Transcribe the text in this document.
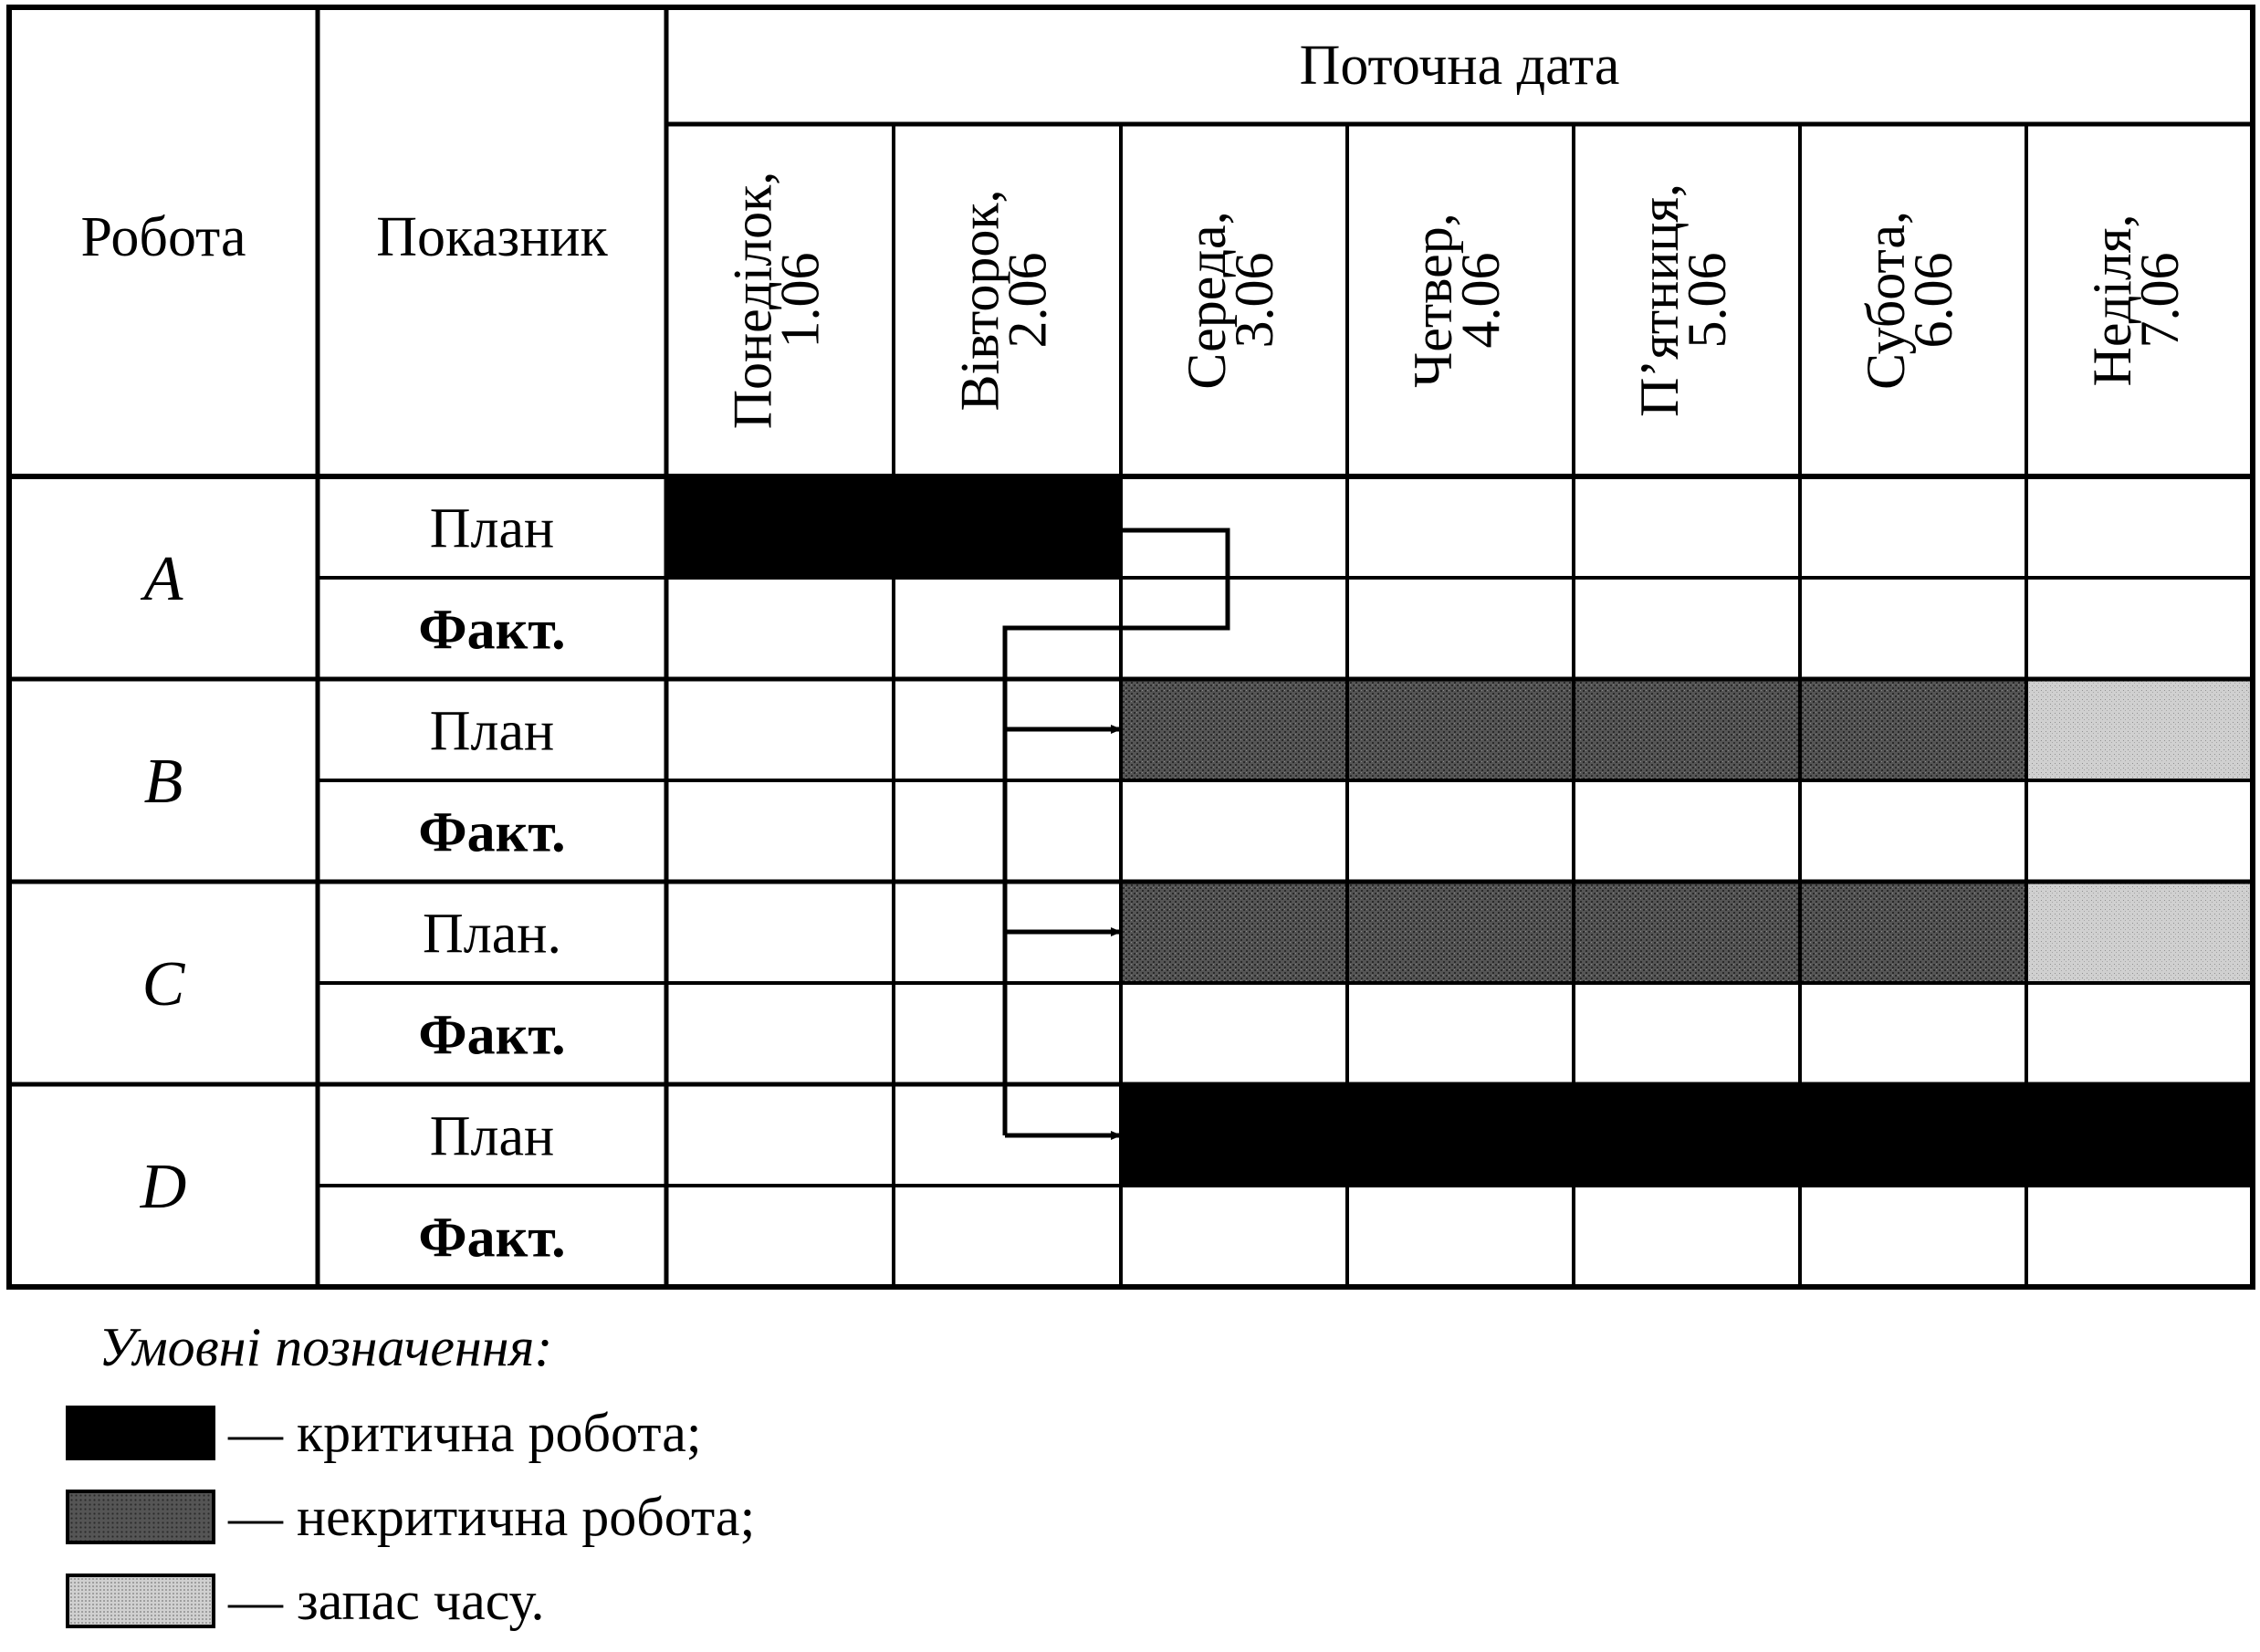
Робота Показник
Поточна дата
Понеділок,
1.06 Вівторок,
2.06 Середа,
3.06 Четвер,
4.06 П’ятниця,
5.06 Субота,
6.06 Неділя,
7.06
A
План
Факт.
B
План
Факт.
C
План.
Факт.
D
План
Факт.
Умовні позначення:
— критична робота;
— некритична робота;
— запас часу.
